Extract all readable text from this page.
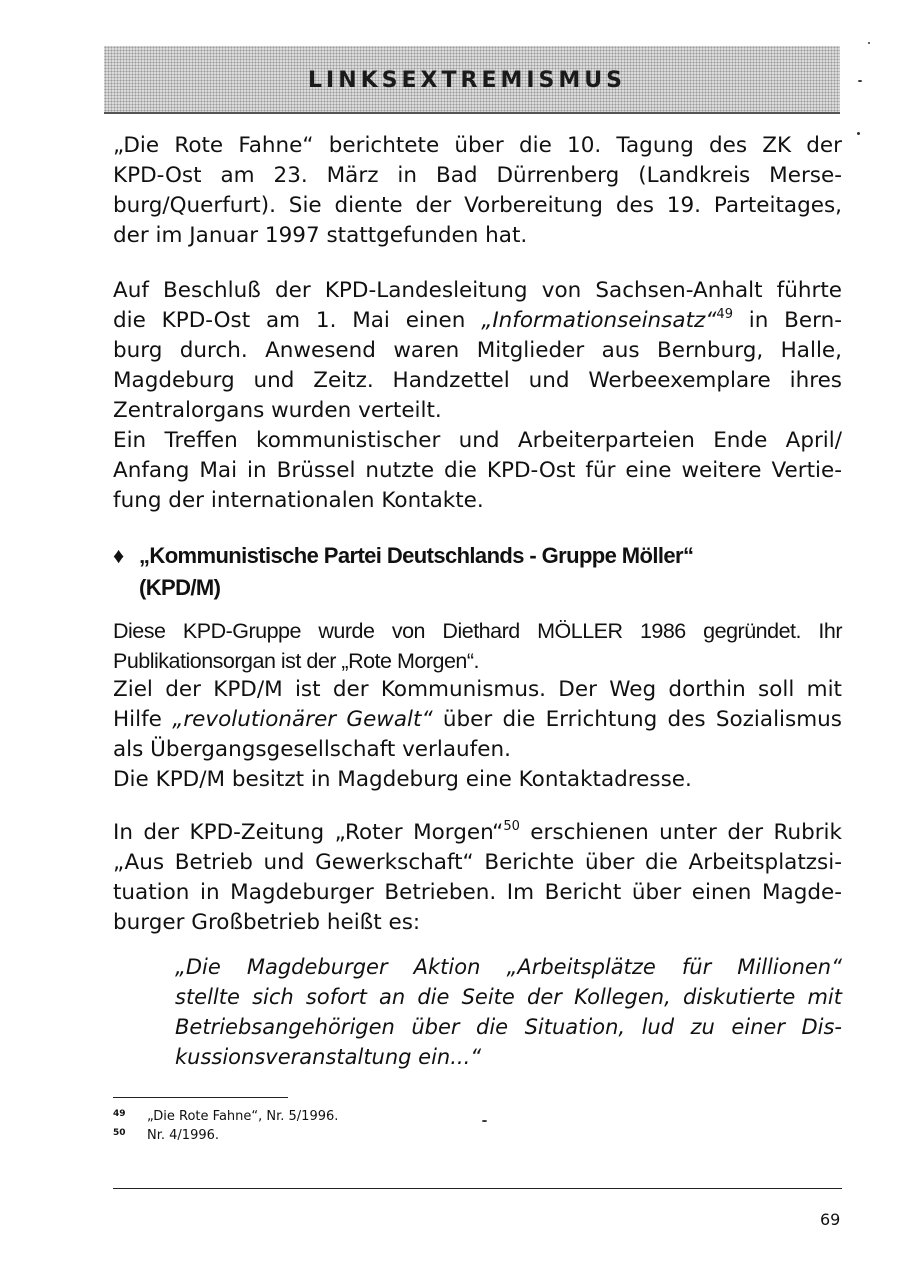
LINKSEXTREMISMUS
„Die Rote Fahne“ berichtete über die 10. Tagung des ZK der
KPD-Ost am 23. März in Bad Dürrenberg (Landkreis Merse-
burg/Querfurt). Sie diente der Vorbereitung des 19. Parteitages,
der im Januar 1997 stattgefunden hat.
Auf Beschluß der KPD-Landesleitung von Sachsen-Anhalt führte
die KPD-Ost am 1. Mai einen „Informationseinsatz“$^{49}$ in Bern-
burg durch. Anwesend waren Mitglieder aus Bernburg, Halle,
Magdeburg und Zeitz. Handzettel und Werbeexemplare ihres
Zentralorgans wurden verteilt.
Ein Treffen kommunistischer und Arbeiterparteien Ende April/
Anfang Mai in Brüssel nutzte die KPD-Ost für eine weitere Vertie-
fung der internationalen Kontakte.
♦ „Kommunistische Partei Deutschlands - Gruppe Möller“
(KPD/M)
Diese KPD-Gruppe wurde von Diethard MÖLLER 1986 gegründet. Ihr
Publikationsorgan ist der „Rote Morgen“.
Ziel der KPD/M ist der Kommunismus. Der Weg dorthin soll mit
Hilfe „revolutionärer Gewalt“ über die Errichtung des Sozialismus
als Übergangsgesellschaft verlaufen.
Die KPD/M besitzt in Magdeburg eine Kontaktadresse.
In der KPD-Zeitung „Roter Morgen“$^{50}$ erschienen unter der Rubrik
„Aus Betrieb und Gewerkschaft“ Berichte über die Arbeitsplatzsi-
tuation in Magdeburger Betrieben. Im Bericht über einen Magde-
burger Großbetrieb heißt es:
„Die Magdeburger Aktion „Arbeitsplätze für Millionen“
stellte sich sofort an die Seite der Kollegen, diskutierte mit
Betriebsangehörigen über die Situation, lud zu einer Dis-
kussionsveranstaltung ein...“
49 „Die Rote Fahne“, Nr. 5/1996.
50 Nr. 4/1996.
69
